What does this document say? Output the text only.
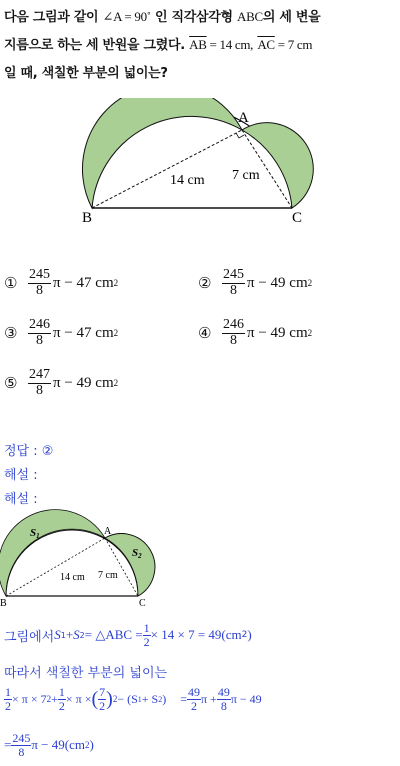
다음 그림과 같이 ∠A = 90˚ 인 직각삼각형 ABC의 세 변을
지름으로 하는 세 반원을 그렸다. $\overline{AB} = 14$ cm, $\overline{AC} = 7$ cm
일 때, 색칠한 부분의 넓이는?
A
B	C
14 cm 7 cm
① $\frac{245}{8}$ π − 47 cm 2	② $\frac{245}{8}$ π − 49 cm 2
③ $\frac{246}{8}$ π − 47 cm 2	④ $\frac{246}{8}$ π − 49 cm 2
⑤ $\frac{247}{8}$ π − 49 cm 2
정답 : ②
해설 :
해설 :
S1
S2
A
B	C
14 cm 7 cm
그림에서 S 1 + S 2 = △ABC = $\frac{1}{2} \times 14 \times 7 = 49$ (cm 2 )
따라서 색칠한 부분의 넓이는
$\frac{1}{2} \times \pi \times 7$ $2 + \frac{1}{2} \times \pi$ × ( $\frac{7}{2}$ ) 2 − (S 1 + S 2 ) = $\frac{49}{2}$ $\pi + \frac{49}{8}$ π − 49
= $\frac{245}{8}$ π − 49 (cm 2 )
